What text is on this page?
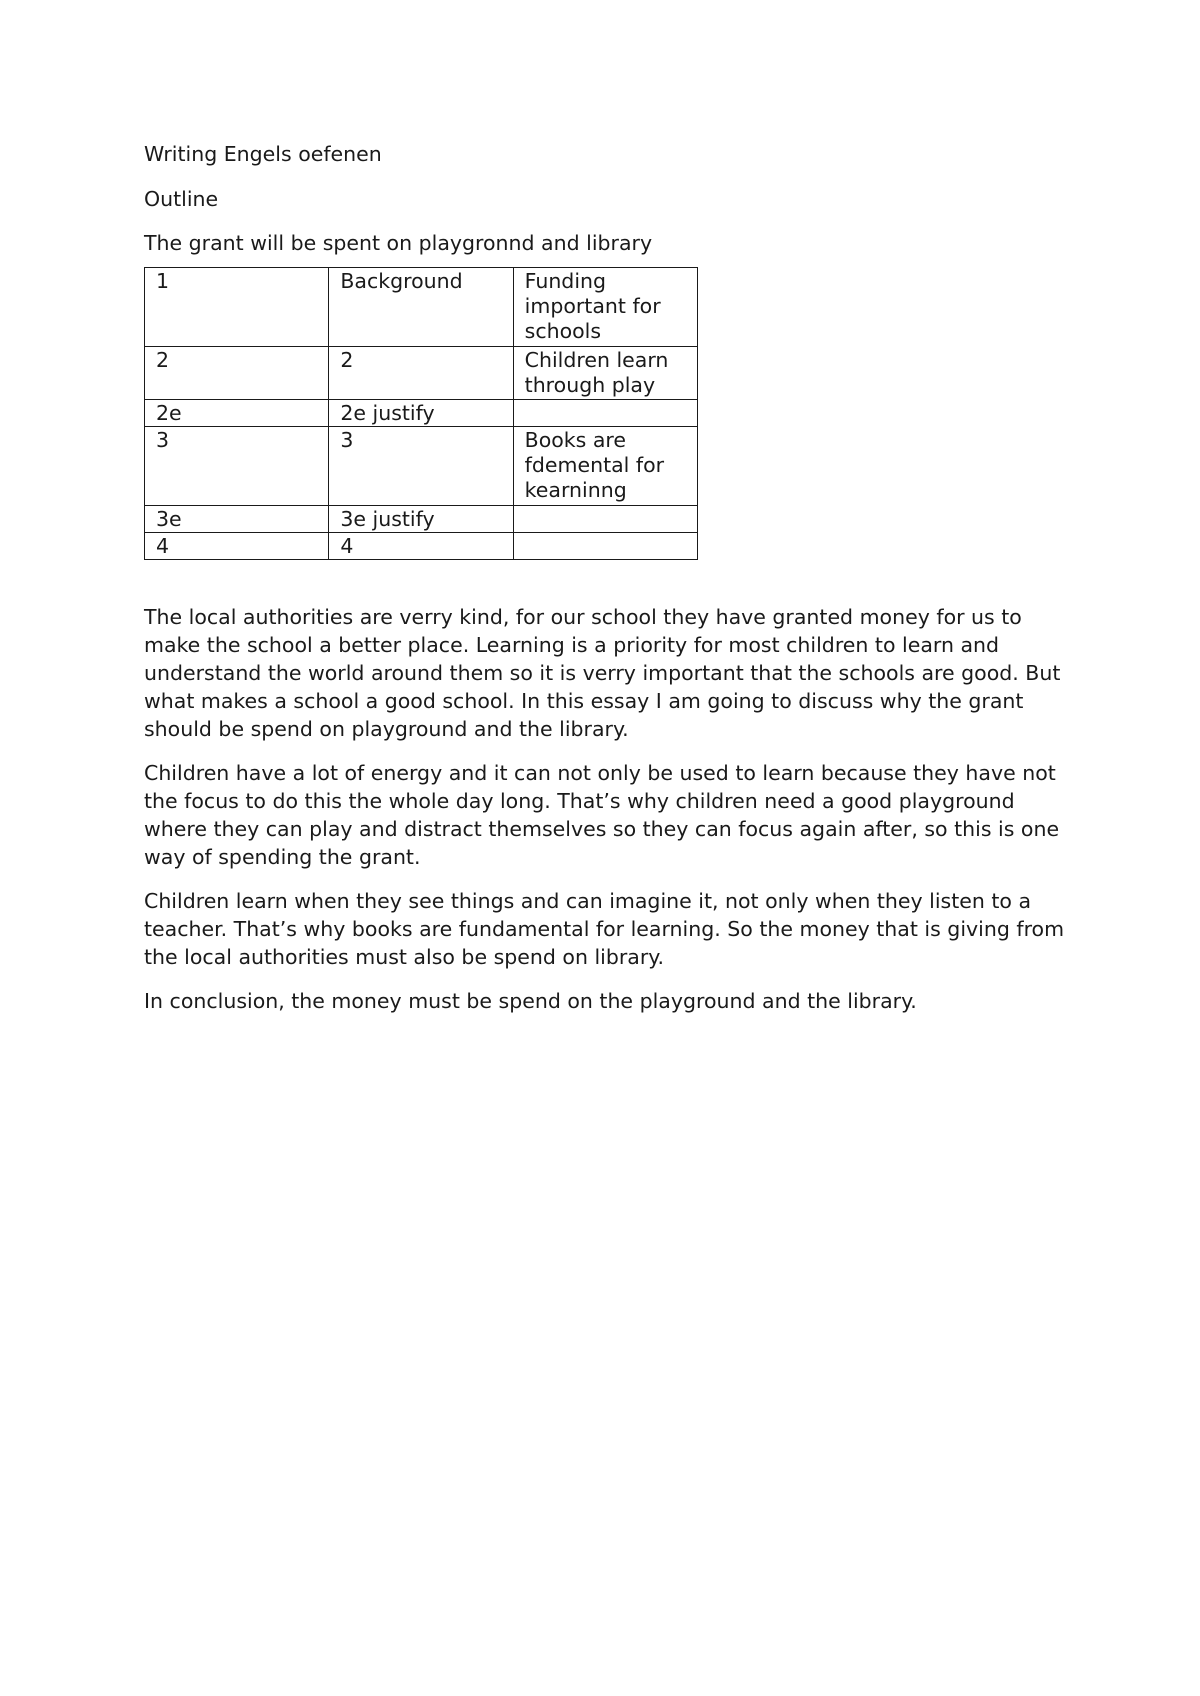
Writing Engels oefenen

Outline

The grant will be spent on playgronnd and library

1	Background	Funding important for schools
2	2	Children learn through play
2e	2e justify	
3	3	Books are fdemental for kearninng
3e	3e justify	
4	4	

The local authorities are verry kind, for our school they have granted money for us to make the school a better place. Learning is a priority for most children to learn and understand the world around them so it is verry important that the schools are good. But what makes a school a good school. In this essay I am going to discuss why the grant should be spend on playground and the library.

Children have a lot of energy and it can not only be used to learn because they have not the focus to do this the whole day long. That’s why children need a good playground where they can play and distract themselves so they can focus again after, so this is one way of spending the grant.

Children learn when they see things and can imagine it, not only when they listen to a teacher. That’s why books are fundamental for learning. So the money that is giving from the local authorities must also be spend on library.

In conclusion, the money must be spend on the playground and the library.
